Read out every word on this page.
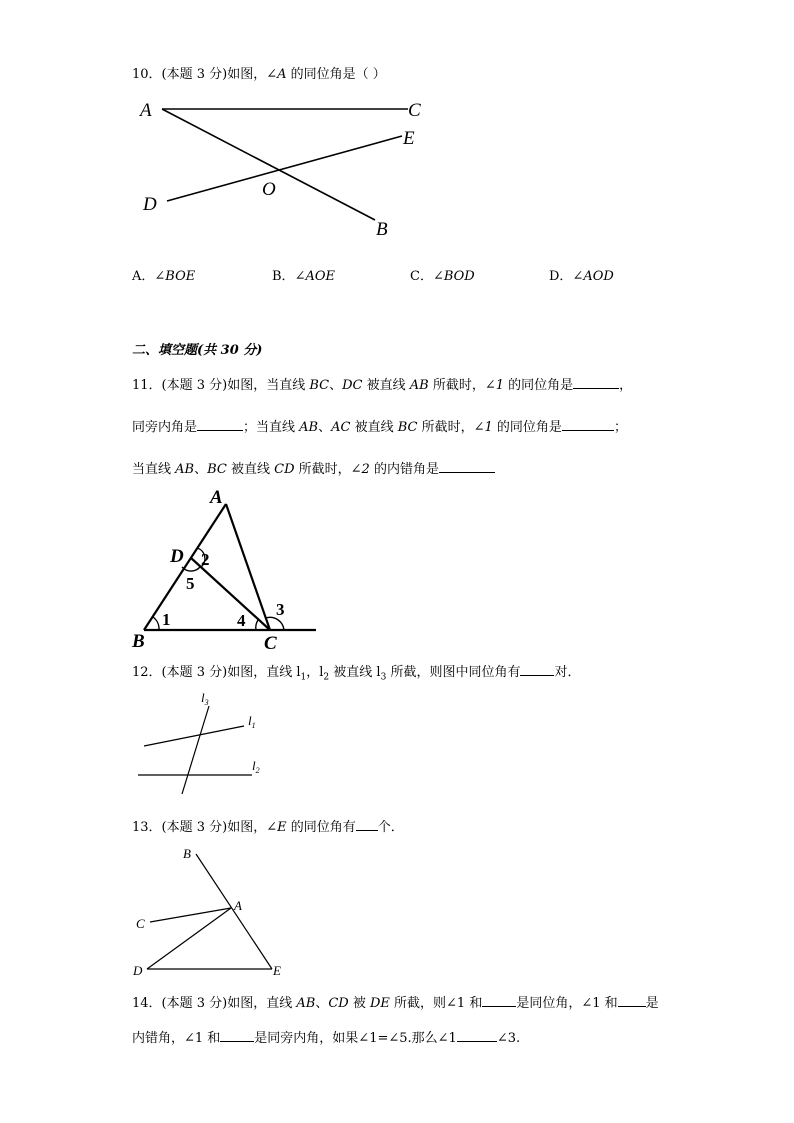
10．(本题 3 分)如图，∠A 的同位角是（ ）
A	C
E
O
D
B
A．∠BOE	B．∠AOE	C．∠BOD	D．∠AOD
二、填空题(共 30 分)
11．(本题 3 分)如图，当直线 BC、DC 被直线 AB 所截时，∠1 的同位角是	，
同旁内角是	；当直线 AB、AC 被直线 BC 所截时，∠1 的同位角是	；
当直线 AB、BC 被直线 CD 所截时，∠2 的内错角是
A
D 2
5
1	4
3
B	C
12．(本题 3 分)如图，直线 $l_1$，$l_2$ 被直线 $l_3$ 所截，则图中同位角有	对．
$l_3$
$l_1$
$l_2$
13．(本题 3 分)如图，∠E 的同位角有 个．
B
A
C
D	E
14．(本题 3 分)如图，直线 AB、CD 被 DE 所截，则∠1 和	是同位角，∠1 和 是
内错角，∠1 和	是同旁内角，如果∠1=∠5.那么∠1	∠3.
